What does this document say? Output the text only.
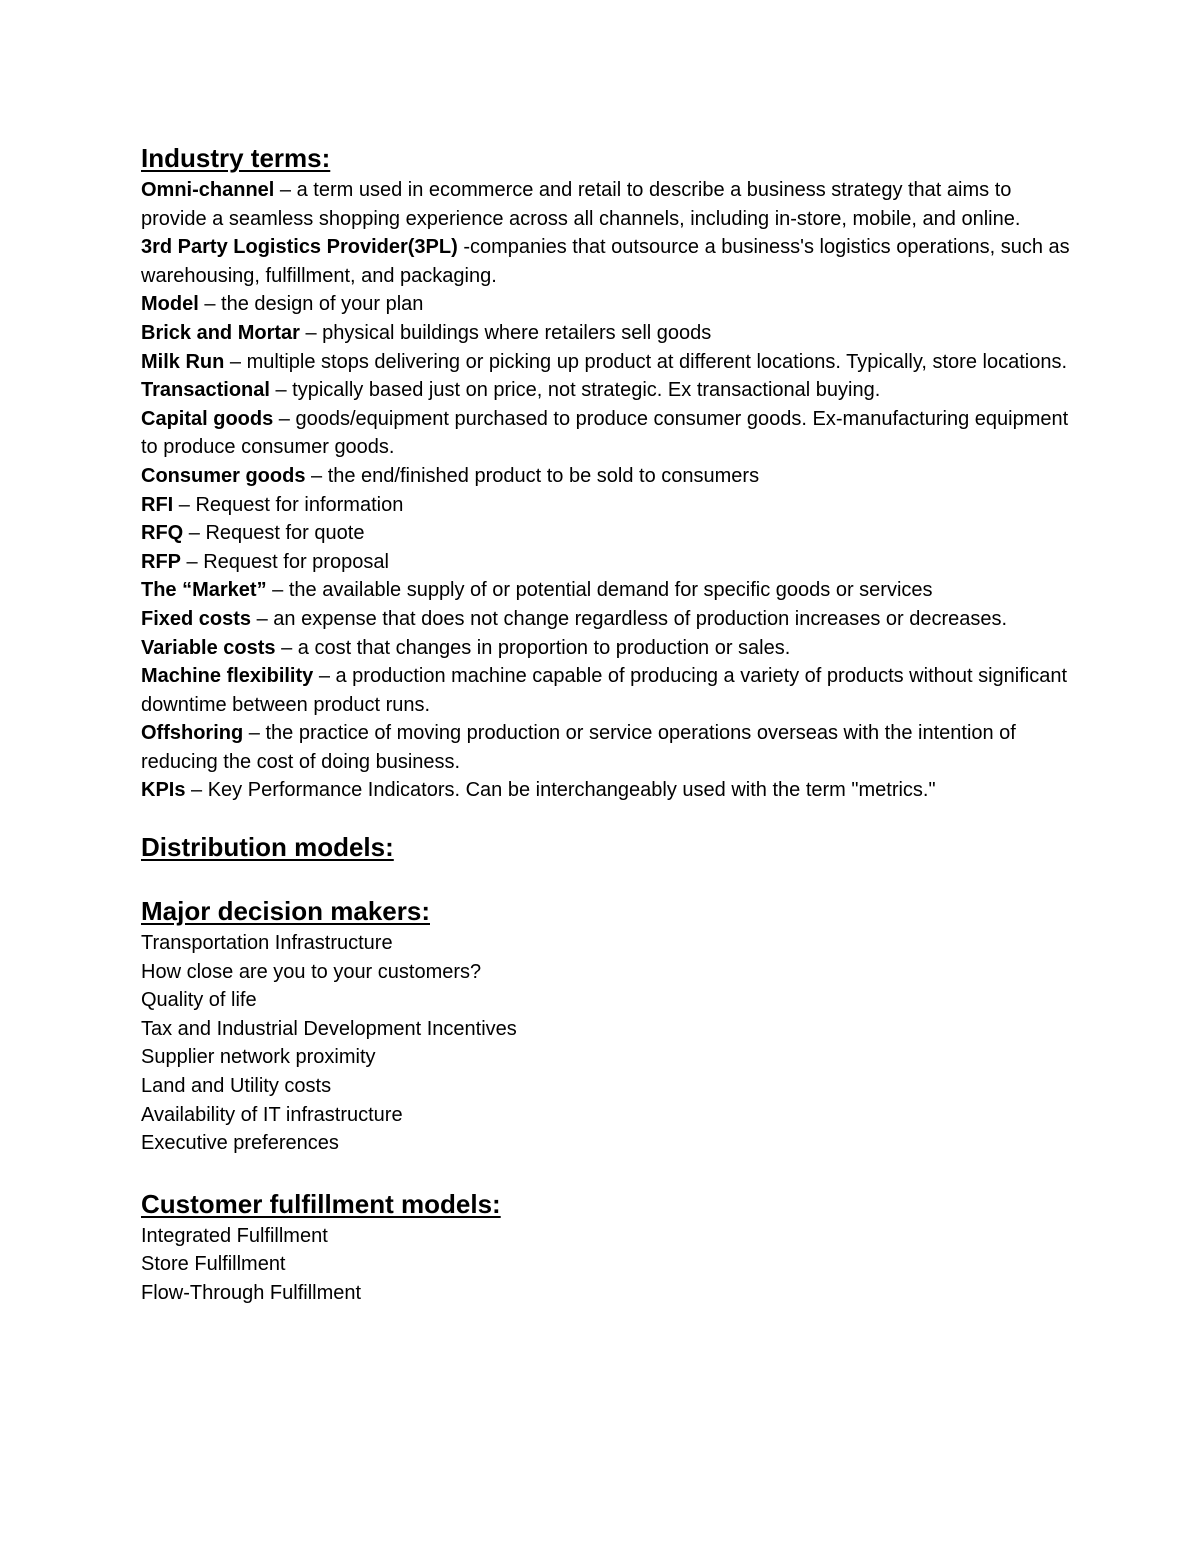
Industry terms:

Omni-channel – a term used in ecommerce and retail to describe a business strategy that aims to provide a seamless shopping experience across all channels, including in-store, mobile, and online.

3rd Party Logistics Provider(3PL) -companies that outsource a business's logistics operations, such as warehousing, fulfillment, and packaging.

Model – the design of your plan

Brick and Mortar – physical buildings where retailers sell goods

Milk Run – multiple stops delivering or picking up product at different locations. Typically, store locations.

Transactional – typically based just on price, not strategic. Ex transactional buying.

Capital goods – goods/equipment purchased to produce consumer goods. Ex-manufacturing equipment to produce consumer goods.

Consumer goods – the end/finished product to be sold to consumers

RFI – Request for information

RFQ – Request for quote

RFP – Request for proposal

The “Market” – the available supply of or potential demand for specific goods or services

Fixed costs – an expense that does not change regardless of production increases or decreases.

Variable costs – a cost that changes in proportion to production or sales.

Machine flexibility – a production machine capable of producing a variety of products without significant downtime between product runs.

Offshoring – the practice of moving production or service operations overseas with the intention of reducing the cost of doing business.

KPIs – Key Performance Indicators. Can be interchangeably used with the term "metrics."

Distribution models:
Major decision makers:

Transportation Infrastructure

How close are you to your customers?

Quality of life

Tax and Industrial Development Incentives

Supplier network proximity

Land and Utility costs

Availability of IT infrastructure

Executive preferences

Customer fulfillment models:

Integrated Fulfillment

Store Fulfillment

Flow-Through Fulfillment
